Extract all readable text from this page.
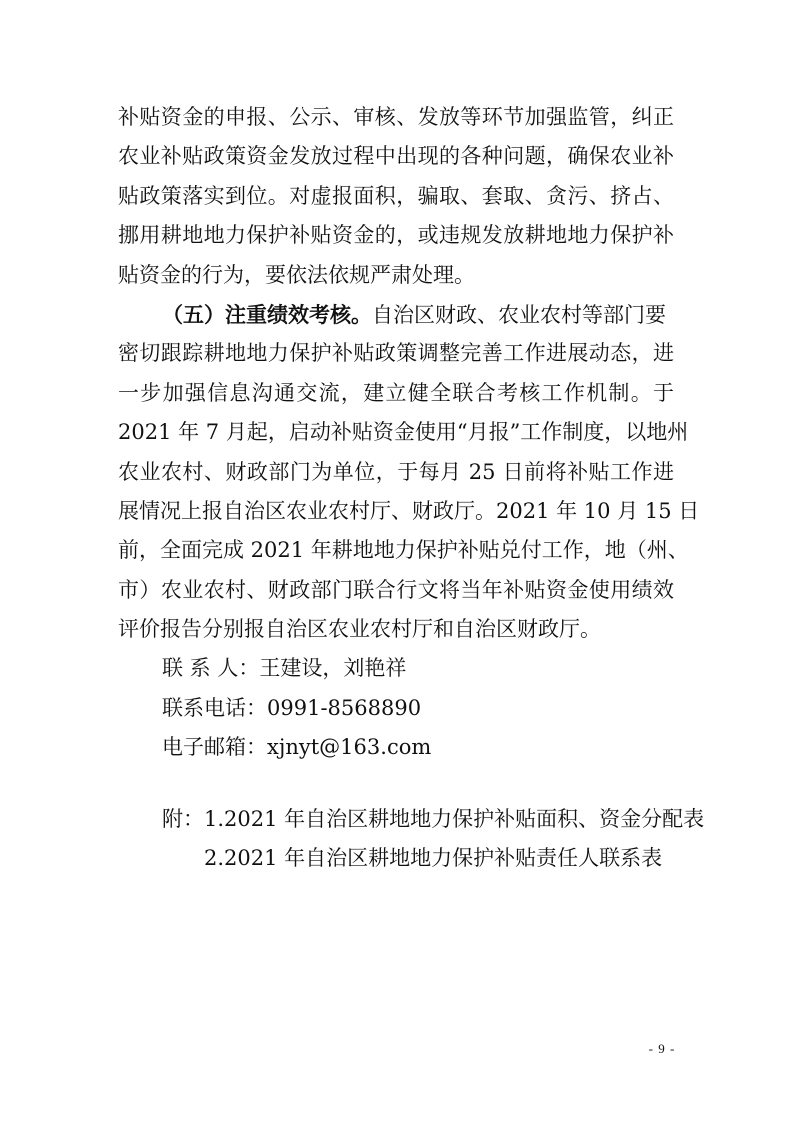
补贴资金的申报、公示、审核、发放等环节加强监管，纠正
农业补贴政策资金发放过程中出现的各种问题，确保农业补
贴政策落实到位。对虚报面积，骗取、套取、贪污、挤占、
挪用耕地地力保护补贴资金的，或违规发放耕地地力保护补
贴资金的行为，要依法依规严肃处理。
（五）注重绩效考核。自治区财政、农业农村等部门要
密切跟踪耕地地力保护补贴政策调整完善工作进展动态，进
一步加强信息沟通交流，建立健全联合考核工作机制。于
2021 年 7 月起，启动补贴资金使用“月报”工作制度，以地州
农业农村、财政部门为单位，于每月 25 日前将补贴工作进
展情况上报自治区农业农村厅、财政厅。2021 年 10 月 15 日
前，全面完成 2021 年耕地地力保护补贴兑付工作，地（州、
市）农业农村、财政部门联合行文将当年补贴资金使用绩效
评价报告分别报自治区农业农村厅和自治区财政厅。
联 系 人：王建设，刘艳祥
联系电话：0991-8568890
电子邮箱：xjnyt@163.com
附：1.2021 年自治区耕地地力保护补贴面积、资金分配表
2.2021 年自治区耕地地力保护补贴责任人联系表
- 9 -
